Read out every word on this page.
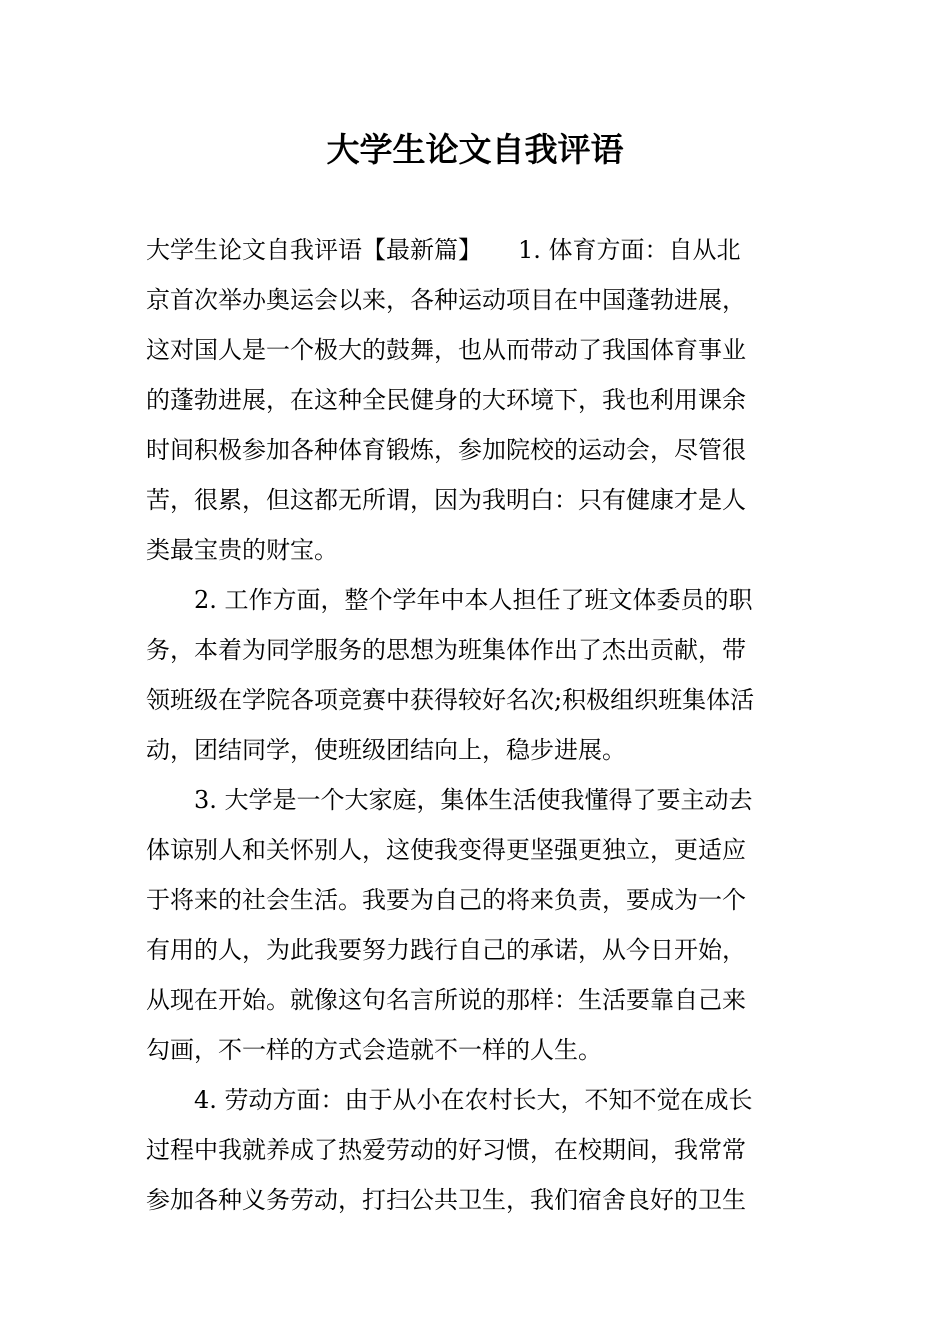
大学生论文自我评语
大学生论文自我评语【最新篇】　　1. 体育方面：自从北
京首次举办奥运会以来，各种运动项目在中国蓬勃进展，
这对国人是一个极大的鼓舞，也从而带动了我国体育事业
的蓬勃进展，在这种全民健身的大环境下，我也利用课余
时间积极参加各种体育锻炼，参加院校的运动会，尽管很
苦，很累，但这都无所谓，因为我明白：只有健康才是人
类最宝贵的财宝。
2. 工作方面，整个学年中本人担任了班文体委员的职
务，本着为同学服务的思想为班集体作出了杰出贡献，带
领班级在学院各项竞赛中获得较好名次;积极组织班集体活
动，团结同学，使班级团结向上，稳步进展。
3. 大学是一个大家庭，集体生活使我懂得了要主动去
体谅别人和关怀别人，这使我变得更坚强更独立，更适应
于将来的社会生活。我要为自己的将来负责，要成为一个
有用的人，为此我要努力践行自己的承诺，从今日开始，
从现在开始。就像这句名言所说的那样：生活要靠自己来
勾画，不一样的方式会造就不一样的人生。
4. 劳动方面：由于从小在农村长大，不知不觉在成长
过程中我就养成了热爱劳动的好习惯，在校期间，我常常
参加各种义务劳动，打扫公共卫生，我们宿舍良好的卫生
